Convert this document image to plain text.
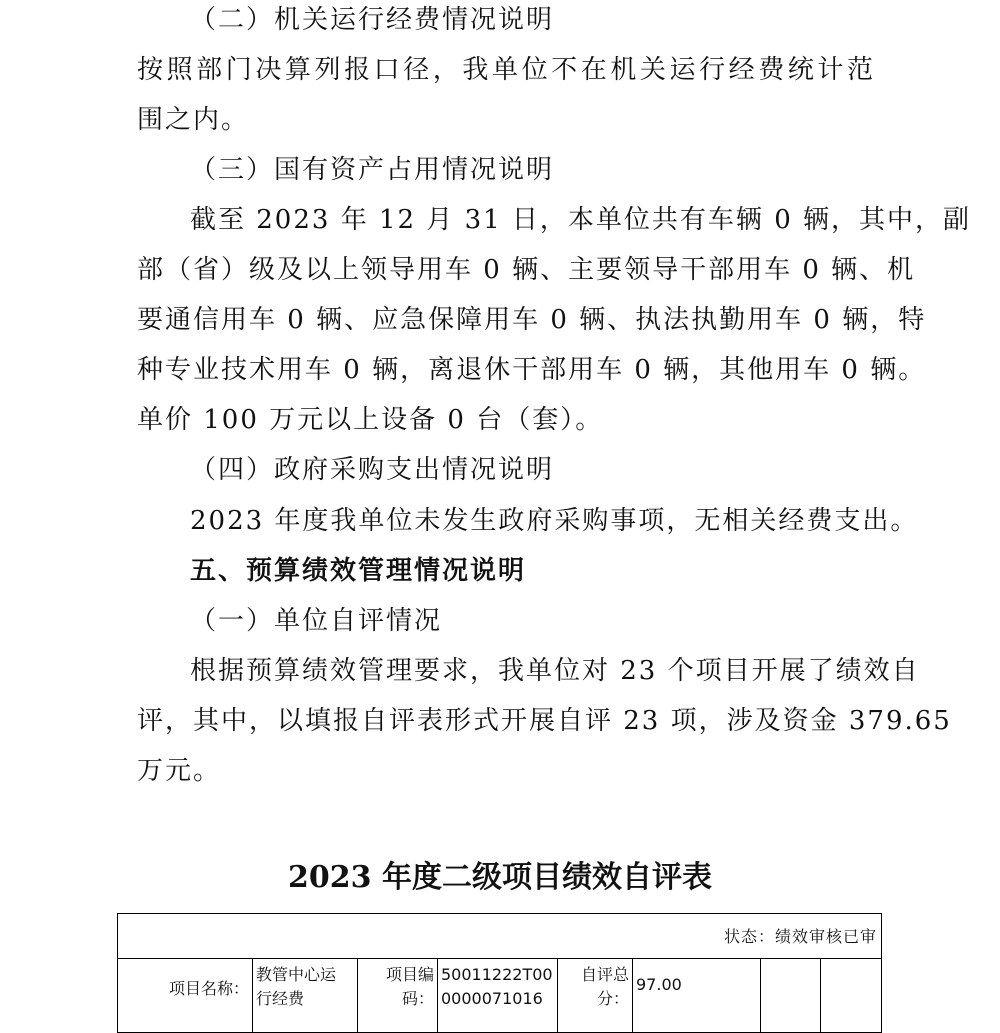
（二）机关运行经费情况说明

按照部门决算列报口径，我单位不在机关运行经费统计范

围之内。

（三）国有资产占用情况说明

截至 2023 年 12 月 31 日，本单位共有车辆 0 辆，其中，副

部（省）级及以上领导用车 0 辆、主要领导干部用车 0 辆、机

要通信用车 0 辆、应急保障用车 0 辆、执法执勤用车 0 辆，特

种专业技术用车 0 辆，离退休干部用车 0 辆，其他用车 0 辆。

单价 100 万元以上设备 0 台（套）。

（四）政府采购支出情况说明

2023 年度我单位未发生政府采购事项，无相关经费支出。

五、预算绩效管理情况说明

（一）单位自评情况

根据预算绩效管理要求，我单位对 23 个项目开展了绩效自

评，其中，以填报自评表形式开展自评 23 项，涉及资金 379.65

万元。

2023 年度二级项目绩效自评表
状态：绩效审核已审
项目名称：
教管中心运
行经费
项目编
码：
50011222T00
0000071016
自评总
分：
97.00
